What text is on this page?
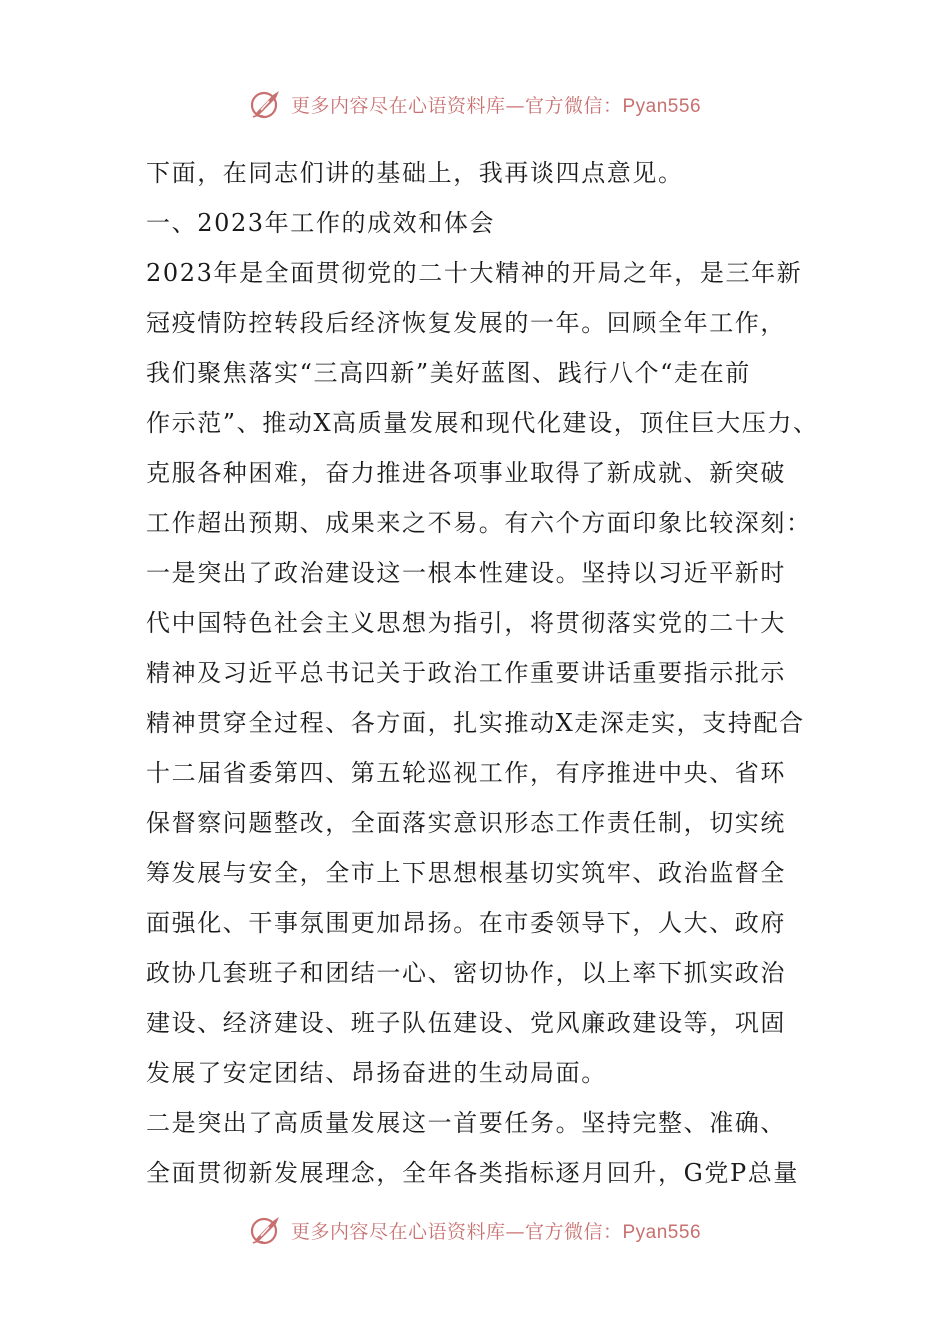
更多内容尽在心语资料库—官方微信：Pyan556
下面，在同志们讲的基础上，我再谈四点意见。
一、2023年工作的成效和体会
2023年是全面贯彻党的二十大精神的开局之年，是三年新
冠疫情防控转段后经济恢复发展的一年。回顾全年工作，
我们聚焦落实“三高四新”美好蓝图、践行八个“走在前
作示范”、推动X高质量发展和现代化建设，顶住巨大压力、
克服各种困难，奋力推进各项事业取得了新成就、新突破
工作超出预期、成果来之不易。有六个方面印象比较深刻：
一是突出了政治建设这一根本性建设。坚持以习近平新时
代中国特色社会主义思想为指引，将贯彻落实党的二十大
精神及习近平总书记关于政治工作重要讲话重要指示批示
精神贯穿全过程、各方面，扎实推动X走深走实，支持配合
十二届省委第四、第五轮巡视工作，有序推进中央、省环
保督察问题整改，全面落实意识形态工作责任制，切实统
筹发展与安全，全市上下思想根基切实筑牢、政治监督全
面强化、干事氛围更加昂扬。在市委领导下，人大、政府
政协几套班子和团结一心、密切协作，以上率下抓实政治
建设、经济建设、班子队伍建设、党风廉政建设等，巩固
发展了安定团结、昂扬奋进的生动局面。
二是突出了高质量发展这一首要任务。坚持完整、准确、
全面贯彻新发展理念，全年各类指标逐月回升，G党P总量
更多内容尽在心语资料库—官方微信：Pyan556
